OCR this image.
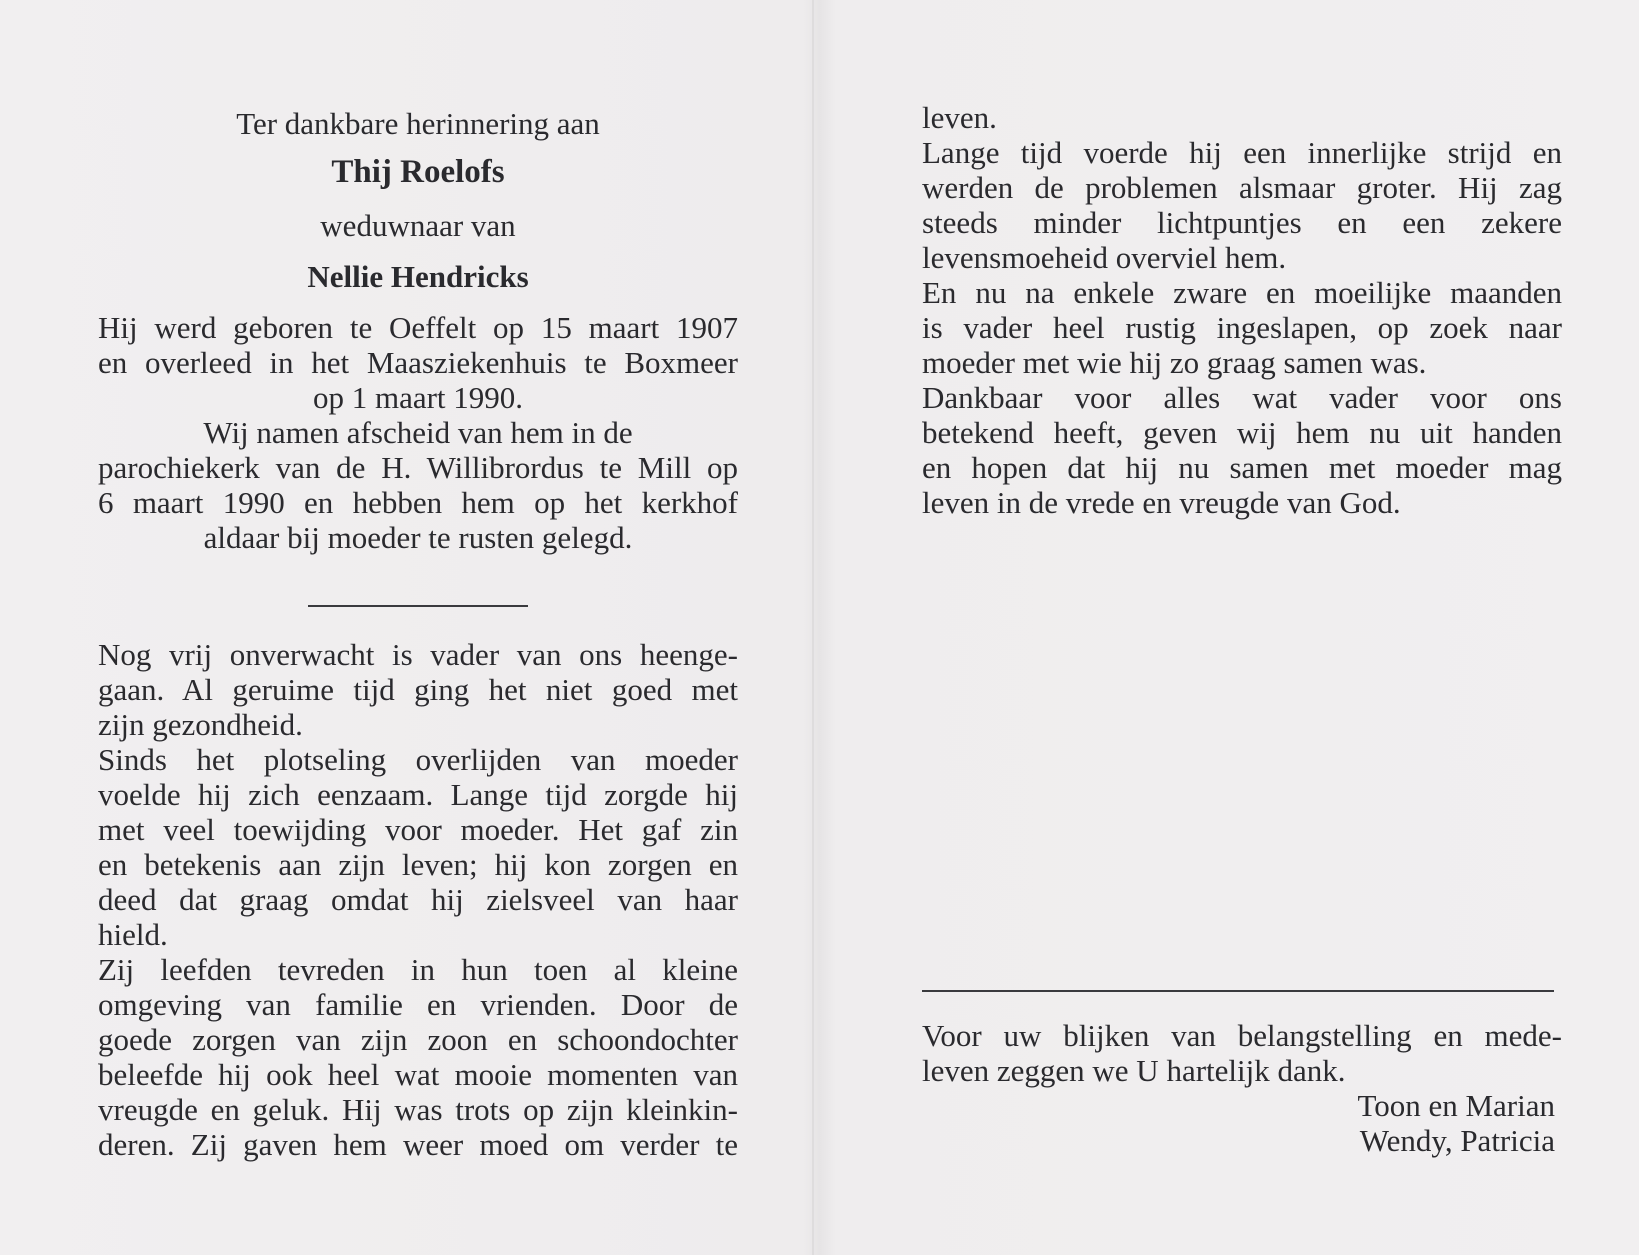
Ter dankbare herinnering aan
Thij Roelofs
weduwnaar van
Nellie Hendricks
Hij werd geboren te Oeffelt op 15 maart 1907
en overleed in het Maasziekenhuis te Boxmeer
op 1 maart 1990.
Wij namen afscheid van hem in de
parochiekerk van de H. Willibrordus te Mill op
6 maart 1990 en hebben hem op het kerkhof
aldaar bij moeder te rusten gelegd.
Nog vrij onverwacht is vader van ons heenge-
gaan. Al geruime tijd ging het niet goed met
zijn gezondheid.
Sinds het plotseling overlijden van moeder
voelde hij zich eenzaam. Lange tijd zorgde hij
met veel toewijding voor moeder. Het gaf zin
en betekenis aan zijn leven; hij kon zorgen en
deed dat graag omdat hij zielsveel van haar
hield.
Zij leefden tevreden in hun toen al kleine
omgeving van familie en vrienden. Door de
goede zorgen van zijn zoon en schoondochter
beleefde hij ook heel wat mooie momenten van
vreugde en geluk. Hij was trots op zijn kleinkin-
deren. Zij gaven hem weer moed om verder te
leven.
Lange tijd voerde hij een innerlijke strijd en
werden de problemen alsmaar groter. Hij zag
steeds minder lichtpuntjes en een zekere
levensmoeheid overviel hem.
En nu na enkele zware en moeilijke maanden
is vader heel rustig ingeslapen, op zoek naar
moeder met wie hij zo graag samen was.
Dankbaar voor alles wat vader voor ons
betekend heeft, geven wij hem nu uit handen
en hopen dat hij nu samen met moeder mag
leven in de vrede en vreugde van God.
Voor uw blijken van belangstelling en mede-
leven zeggen we U hartelijk dank.
Toon en Marian
Wendy, Patricia
